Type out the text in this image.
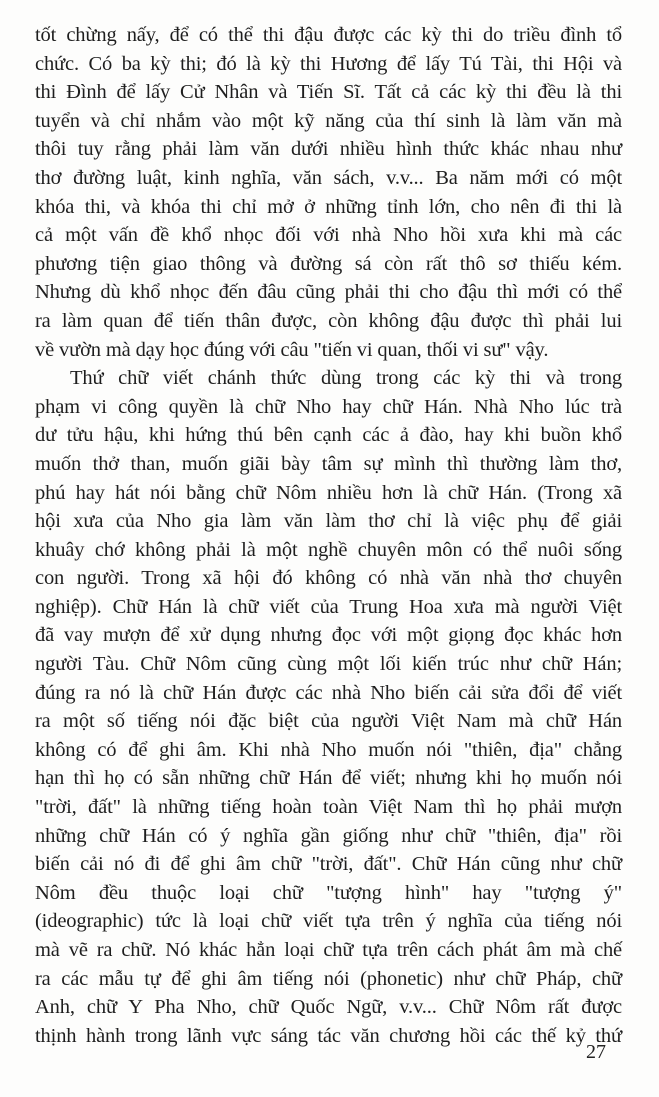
tốt chừng nấy, để có thể thi đậu được các kỳ thi do triều đình tổ
chức. Có ba kỳ thi; đó là kỳ thi Hương để lấy Tú Tài, thi Hội và
thi Đình để lấy Cử Nhân và Tiến Sĩ. Tất cả các kỳ thi đều là thi
tuyển và chỉ nhắm vào một kỹ năng của thí sinh là làm văn mà
thôi tuy rằng phải làm văn dưới nhiều hình thức khác nhau như
thơ đường luật, kinh nghĩa, văn sách, v.v... Ba năm mới có một
khóa thi, và khóa thi chỉ mở ở những tỉnh lớn, cho nên đi thi là
cả một vấn đề khổ nhọc đối với nhà Nho hồi xưa khi mà các
phương tiện giao thông và đường sá còn rất thô sơ thiếu kém.
Nhưng dù khổ nhọc đến đâu cũng phải thi cho đậu thì mới có thể
ra làm quan để tiến thân được, còn không đậu được thì phải lui
về vườn mà dạy học đúng với câu "tiến vi quan, thối vi sư" vậy.
Thứ chữ viết chánh thức dùng trong các kỳ thi và trong
phạm vi công quyền là chữ Nho hay chữ Hán. Nhà Nho lúc trà
dư tửu hậu, khi hứng thú bên cạnh các ả đào, hay khi buồn khổ
muốn thở than, muốn giãi bày tâm sự mình thì thường làm thơ,
phú hay hát nói bằng chữ Nôm nhiều hơn là chữ Hán. (Trong xã
hội xưa của Nho gia làm văn làm thơ chỉ là việc phụ để giải
khuây chớ không phải là một nghề chuyên môn có thể nuôi sống
con người. Trong xã hội đó không có nhà văn nhà thơ chuyên
nghiệp). Chữ Hán là chữ viết của Trung Hoa xưa mà người Việt
đã vay mượn để xử dụng nhưng đọc với một giọng đọc khác hơn
người Tàu. Chữ Nôm cũng cùng một lối kiến trúc như chữ Hán;
đúng ra nó là chữ Hán được các nhà Nho biến cải sửa đổi để viết
ra một số tiếng nói đặc biệt của người Việt Nam mà chữ Hán
không có để ghi âm. Khi nhà Nho muốn nói "thiên, địa" chẳng
hạn thì họ có sẵn những chữ Hán để viết; nhưng khi họ muốn nói
"trời, đất" là những tiếng hoàn toàn Việt Nam thì họ phải mượn
những chữ Hán có ý nghĩa gần giống như chữ "thiên, địa" rồi
biến cải nó đi để ghi âm chữ "trời, đất". Chữ Hán cũng như chữ
Nôm đều thuộc loại chữ "tượng hình" hay "tượng ý"
(ideographic) tức là loại chữ viết tựa trên ý nghĩa của tiếng nói
mà vẽ ra chữ. Nó khác hẳn loại chữ tựa trên cách phát âm mà chế
ra các mẫu tự để ghi âm tiếng nói (phonetic) như chữ Pháp, chữ
Anh, chữ Y Pha Nho, chữ Quốc Ngữ, v.v... Chữ Nôm rất được
thịnh hành trong lãnh vực sáng tác văn chương hồi các thế kỷ thứ
27
